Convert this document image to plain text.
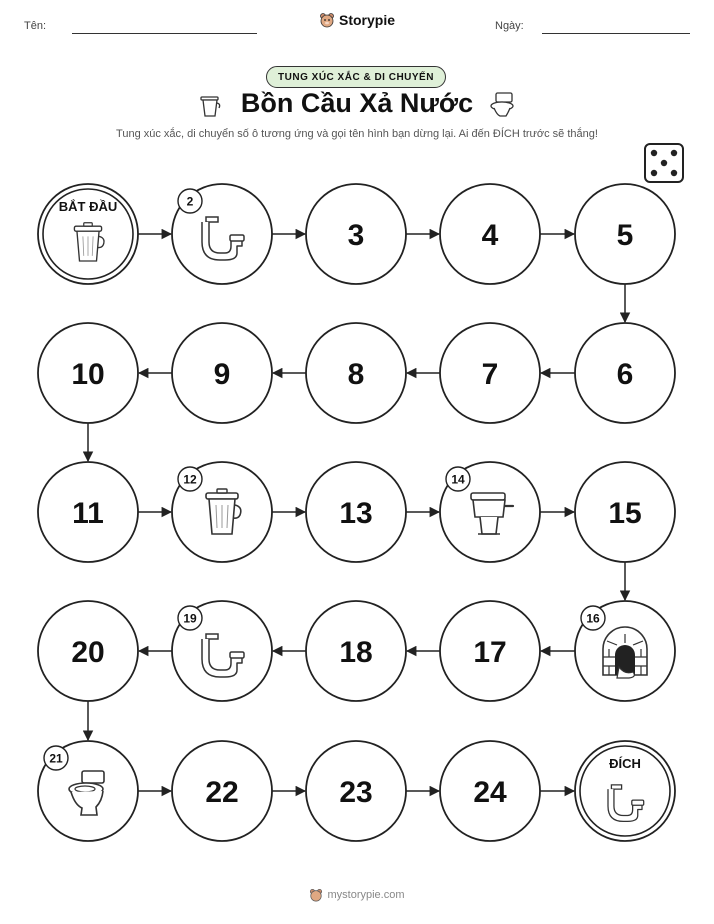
Tên:	Ngày:
Storypie
TUNG XÚC XẮC & DI CHUYỂN
Bồn Cầu Xả Nước
Tung xúc xắc, di chuyển số ô tương ứng và gọi tên hình bạn dừng lại. Ai đến ĐÍCH trước sẽ thắng!
BẮT ĐẦU	2
3	4	5
6
7
8
9
10
11
12
13
14
15
16
17
18
19
20
21
22	23	24
ĐÍCH
mystorypie.com
